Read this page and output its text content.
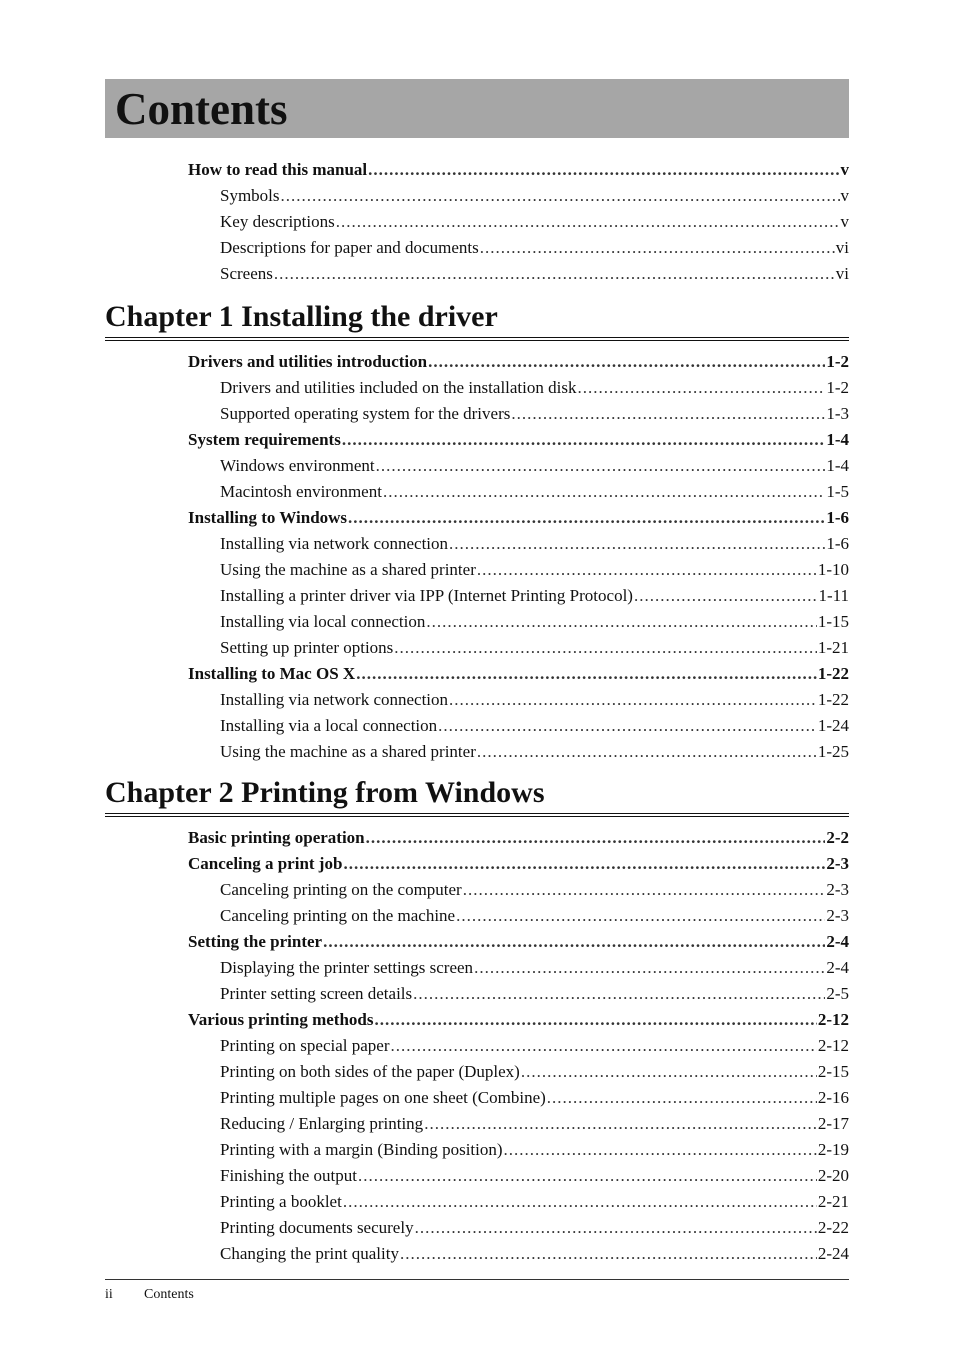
Contents
How to read this manual .....	v
Symbols .....	v
Key descriptions .....	v
Descriptions for paper and documents .....	vi
Screens .....	vi
Chapter 1 Installing the driver
Drivers and utilities introduction .....	1-2
Drivers and utilities included on the installation disk .....	1-2
Supported operating system for the drivers .....	1-3
System requirements .....	1-4
Windows environment .....	1-4
Macintosh environment .....	1-5
Installing to Windows .....	1-6
Installing via network connection .....	1-6
Using the machine as a shared printer .....	1-10
Installing a printer driver via IPP (Internet Printing Protocol) .....	1-11
Installing via local connection .....	1-15
Setting up printer options .....	1-21
Installing to Mac OS X .....	1-22
Installing via network connection .....	1-22
Installing via a local connection .....	1-24
Using the machine as a shared printer .....	1-25
Chapter 2 Printing from Windows
Basic printing operation .....	2-2
Canceling a print job .....	2-3
Canceling printing on the computer .....	2-3
Canceling printing on the machine .....	2-3
Setting the printer .....	2-4
Displaying the printer settings screen .....	2-4
Printer setting screen details .....	2-5
Various printing methods .....	2-12
Printing on special paper .....	2-12
Printing on both sides of the paper (Duplex) .....	2-15
Printing multiple pages on one sheet (Combine) .....	2-16
Reducing / Enlarging printing .....	2-17
Printing with a margin (Binding position) .....	2-19
Finishing the output .....	2-20
Printing a booklet .....	2-21
Printing documents securely .....	2-22
Changing the print quality .....	2-24
ii Contents
